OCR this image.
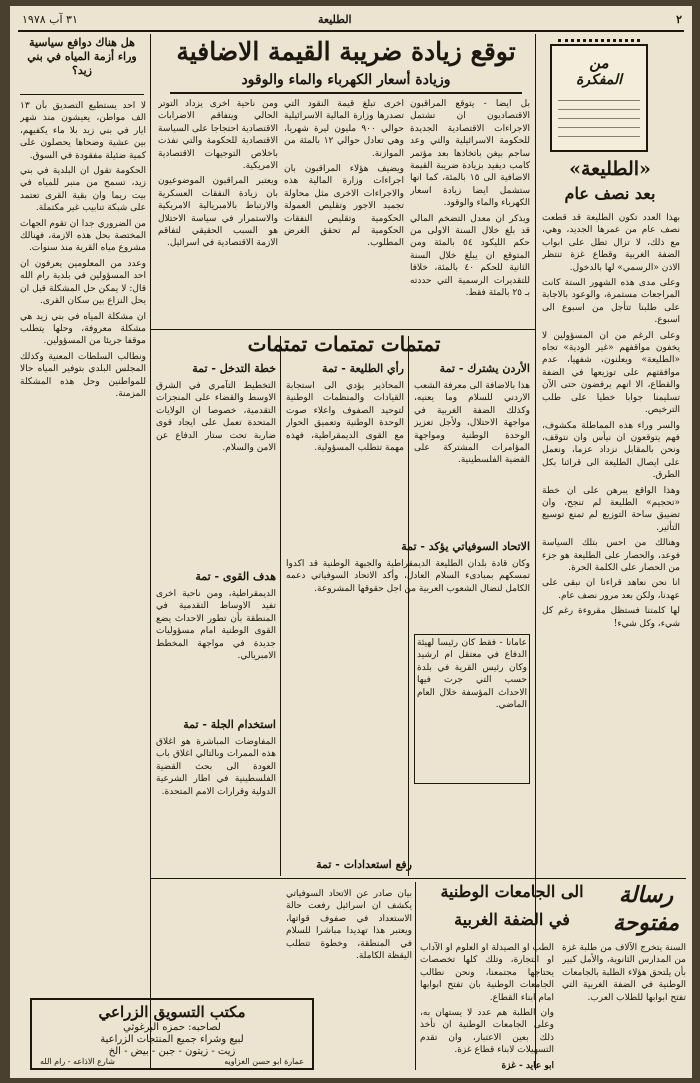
٢
الطليعة
٣١ آب ١٩٧٨
توقع زيادة ضريبة القيمة الاضافية
وزيادة أسعار الكهرباء والماء والوقود

بل ايضا - يتوقع المراقبون الاقتصاديون ان تشتمل الاجراءات الاقتصادية الجديدة للحكومة الاسرائيلية والتي وعد ساجم بيغن باتخاذها بعد مؤتمر كامب ديفيد بزيادة ضريبة القيمة الاضافية الى ١٥ بالمئة، كما انها ستشمل ايضا زيادة اسعار الكهرباء والماء والوقود.

ويذكر ان معدل التضخم المالي قد بلغ خلال السنة الاولى من حكم الليكود ٥٤ بالمئة ومن المتوقع ان يبلغ خلال السنة الثانية للحكم ٤٠ بالمئة، خلافا للتقديرات الرسمية التي حددته بـ ٢٥ بالمئة فقط.

اخرى تبلغ قيمة النقود التي تصدرها وزارة المالية الاسرائيلية حوالي ٩٠٠ مليون ليرة شهريا، وهي تعادل حوالي ١٢ بالمئة من الموازنة.

ويضيف هؤلاء المراقبون بان اجراءات وزارة المالية هذه والاجراءات الاخرى مثل محاولة تجميد الاجور وتقليص العمولة الحكومية وتقليص النفقات الحكومية لم تحقق الغرض المطلوب.

ومن ناحية اخرى يزداد التوتر الحالي ويتفاقم الاضرابات الاقتصادية احتجاجا على السياسة الاقتصادية للحكومة والتي نفذت باخلاص التوجيهات الاقتصادية الامريكية.

ويعتبر المراقبون الموضوعيون بان زيادة النفقات العسكرية والارتباط بالامبريالية الامريكية والاستمرار في سياسة الاحتلال هو السبب الحقيقي لتفاقم الازمة الاقتصادية في اسرائيل.

من
المفكرة
«الطليعة»
بعد نصف عام

بهذا العدد تكون الطليعة قد قطعت نصف عام من عمرها الجديد، وهي، مع ذلك، لا تزال تطل على ابواب الضفة الغربية وقطاع غزة تنتظر الاذن «الرسمي» لها بالدخول.

وعلى مدى هذه الشهور الستة كانت المراجعات مستمرة، والوعود بالاجابة على طلبنا تتأجل من اسبوع الى اسبوع.

وعلى الرغم من ان المسؤولين لا يخفون مواقفهم «غير الودية» تجاه «الطليعة» ويعلنون، شفهيا، عدم موافقتهم على توزيعها في الضفة والقطاع، الا انهم يرفضون حتى الآن تسليمنا جوابا خطيا على طلب الترخيص.

والسر وراء هذه المماطلة مكشوف، فهم يتوقعون ان نيأس وان نتوقف، ونحن بالمقابل نزداد عزما، ونعمل على ايصال الطليعة الى قرائنا بكل الطرق.

وهذا الواقع يبرهن على ان خطة «تحجيم» الطليعة لم تنجح، وان تضييق ساحة التوزيع لم تمنع توسيع التأثير.

وهنالك من احس بتلك السياسة فوعد، والحصار على الطليعة هو جزء من الحصار على الكلمة الحرة.

انا نحن نعاهد قراءنا ان نبقى على عهدنا، ولكن بعد مرور نصف عام.

لها كلمتنا فستظل مقروءة رغم كل شيء، وكل شيء!

هل هناك دوافع سياسية وراء أزمة المياه في بني زيد؟

لا احد يستطيع التصديق بأن ١٣ الف مواطن، يعيشون منذ شهر ايار في بني زيد بلا ماء يكفيهم، بين عشية وضحاها يحصلون على كمية ضئيلة مفقودة في السوق.

الحكومة تقول ان البلدية في بني زيد، تسمح من منبر للمياه في بيت ريما وان بقية القرى تعتمد على شبكة تنابيب غير مكتملة.

من الضروري جدا ان تقوم الجهات المختصة بحل هذه الازمة، فهنالك مشروع مياه القرية منذ سنوات.

وعدد من المعلومين يعرفون ان احد المسؤولين في بلدية رام الله قال: لا يمكن حل المشكلة قبل ان يحل النزاع بين سكان القرى.

ان مشكلة المياه في بني زيد هي مشكلة معروفة، وحلها يتطلب موقفا جريئا من المسؤولين.

ونطالب السلطات المعنية وكذلك المجلس البلدي بتوفير المياه حالا للمواطنين وحل هذه المشكلة المزمنة.

تمتمات تمتمات تمتمات
الأردن يشترك - تمة
هذا بالاضافة الى معرفة الشعب الاردني للسلام وما يعنيه، وكذلك الضفة الغربية في مواجهة الاحتلال، ولأجل تعزيز الوحدة الوطنية ومواجهة المؤامرات المشتركة على القضية الفلسطينية.
رأي الطليعة - تمة
المحاذير يؤدي الى استجابة القيادات والمنظمات الوطنية لتوحيد الصفوف واعلاء صوت الوحدة الوطنية وتعميق الحوار مع القوى الديمقراطية، فهذه مهمة تتطلب المسؤولية.
خطة التدخل - تمة
التخطيط التآمري في الشرق الاوسط والقضاء على المنجزات التقدمية، خصوصا ان الولايات المتحدة تعمل على ايجاد قوى ضاربة تحت ستار الدفاع عن الامن والسلام.
الاتحاد السوفياتي يؤكد - تمة
وكان قادة بلدان الطليعة الديمقراطية والجبهة الوطنية قد اكدوا تمسكهم بمبادىء السلام العادل، وأكد الاتحاد السوفياتي دعمه الكامل لنضال الشعوب العربية من اجل حقوقها المشروعة.
عامانا - فقط كان رئيسا لهيئة الدفاع في معتقل ام ارشيد وكان رئيس القرية في بلدة حسب التي جرت فيها الاحداث المؤسفة خلال العام الماضي.
هدف القوى - تمة
الديمقراطية، ومن ناحية اخرى تفيد الاوساط التقدمية في المنطقة بأن تطور الاحداث يضع القوى الوطنية امام مسؤوليات جديدة في مواجهة المخطط الامبريالي.
استخدام الجلة - تمة
المفاوضات المباشرة هو اغلاق هذه الممرات وبالتالي اغلاق باب العودة الى بحث القضية الفلسطينية في اطار الشرعية الدولية وقرارات الامم المتحدة.
رفع استعدادات - تمة
بيان صادر عن الاتحاد السوفياتي يكشف ان اسرائيل رفعت حالة الاستعداد في صفوف قواتها، ويعتبر هذا تهديدا مباشرا للسلام في المنطقة، وخطوة تتطلب اليقظة الكاملة.
رسالة
مفتوحة
الى الجامعات الوطنية
في الضفة الغربية

السنة يتخرج الآلاف من طلبة غزة من المدارس الثانوية، والأمل كبير بأن يلتحق هؤلاء الطلبة بالجامعات الوطنية في الضفة الغربية التي تفتح ابوابها للطلاب العرب.

الطب او الصيدلة او العلوم او الآداب او التجارة، وتلك كلها تخصصات يحتاجها مجتمعنا، ونحن نطالب الجامعات الوطنية بان تفتح ابوابها امام ابناء القطاع.

وان الطلبة هم عدد لا يستهان به، وعلى الجامعات الوطنية ان تأخذ ذلك بعين الاعتبار، وان تقدم التسهيلات لابناء قطاع غزة.

ابو عايد - غزة

مكتب التسويق الزراعي
لصاحبه: حمزه البرغوثي
لبيع وشراء جميع المنتجات الزراعية
زيت - زيتون - جبن - بيض - الخ
عمارة ابو حسن الغزاويه
شارع الاذاعه - رام الله
